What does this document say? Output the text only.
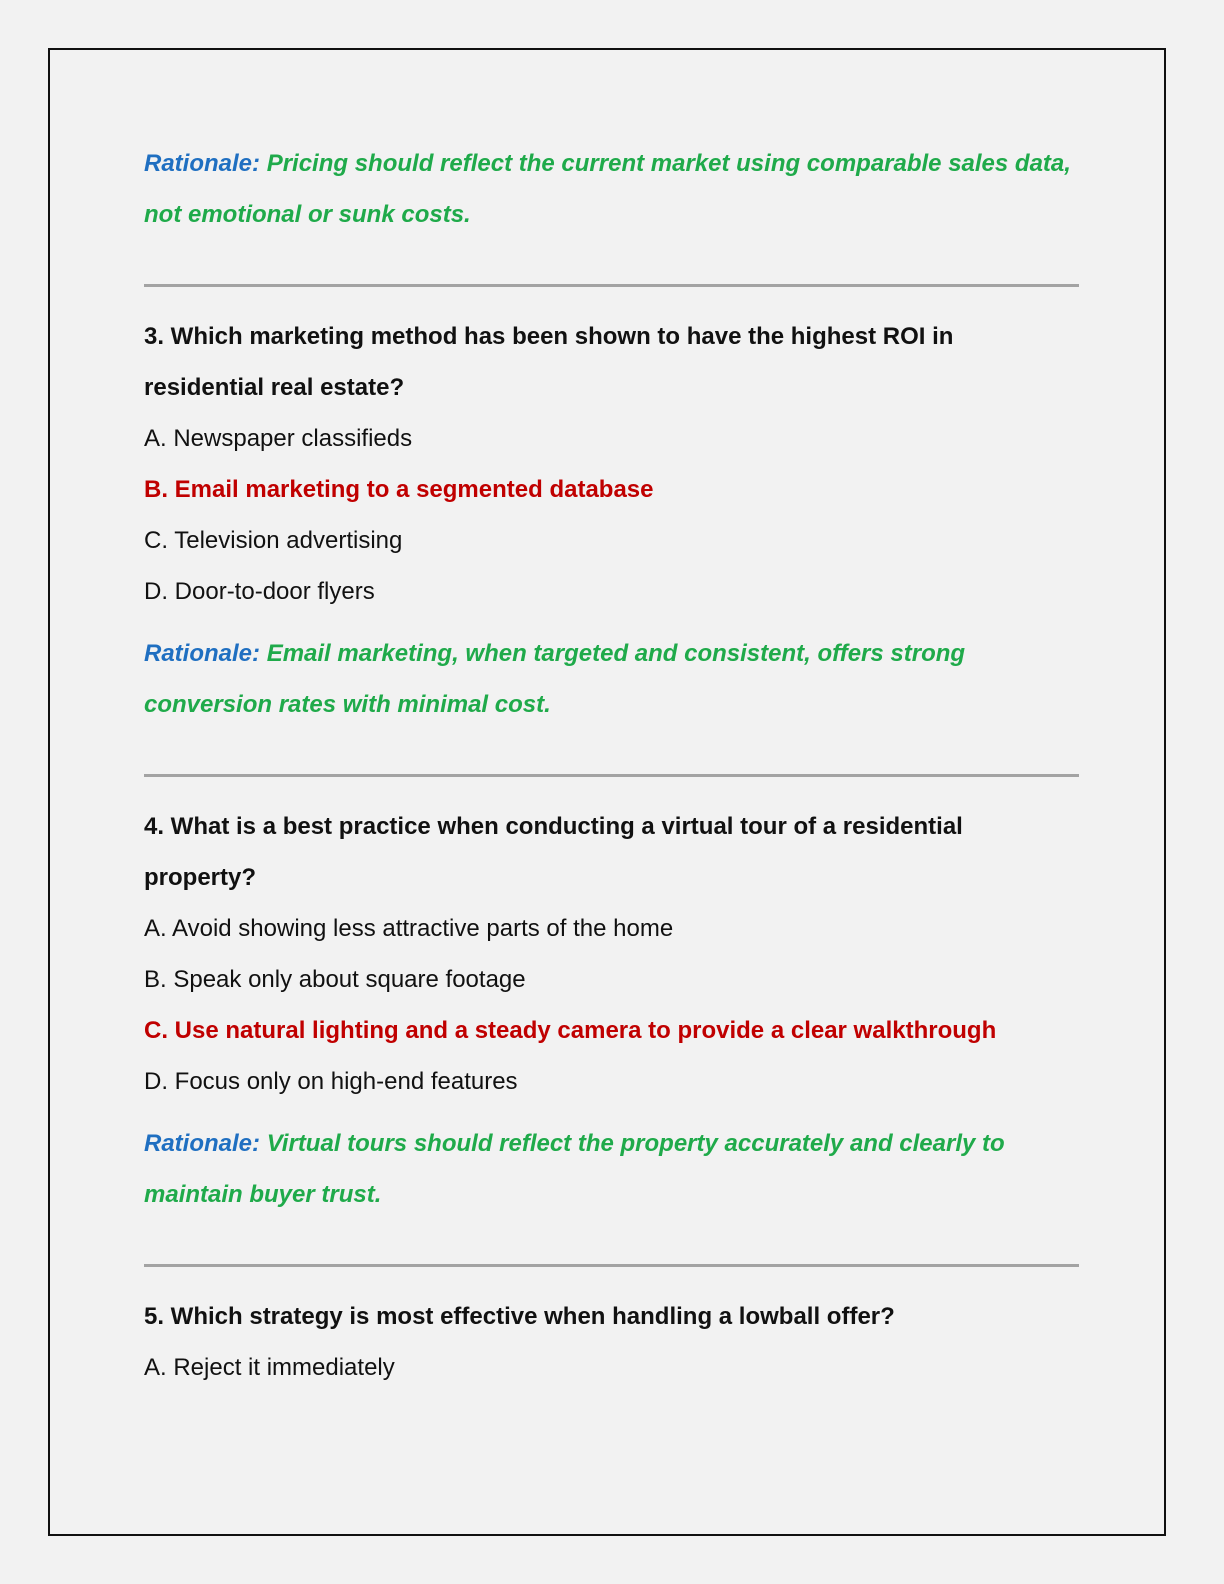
Rationale: Pricing should reflect the current market using comparable sales data, not emotional or sunk costs.
3. Which marketing method has been shown to have the highest ROI in residential real estate?
A. Newspaper classifieds
B. Email marketing to a segmented database
C. Television advertising
D. Door-to-door flyers
Rationale: Email marketing, when targeted and consistent, offers strong conversion rates with minimal cost.
4. What is a best practice when conducting a virtual tour of a residential property?
A. Avoid showing less attractive parts of the home
B. Speak only about square footage
C. Use natural lighting and a steady camera to provide a clear walkthrough
D. Focus only on high-end features
Rationale: Virtual tours should reflect the property accurately and clearly to maintain buyer trust.
5. Which strategy is most effective when handling a lowball offer?
A. Reject it immediately
